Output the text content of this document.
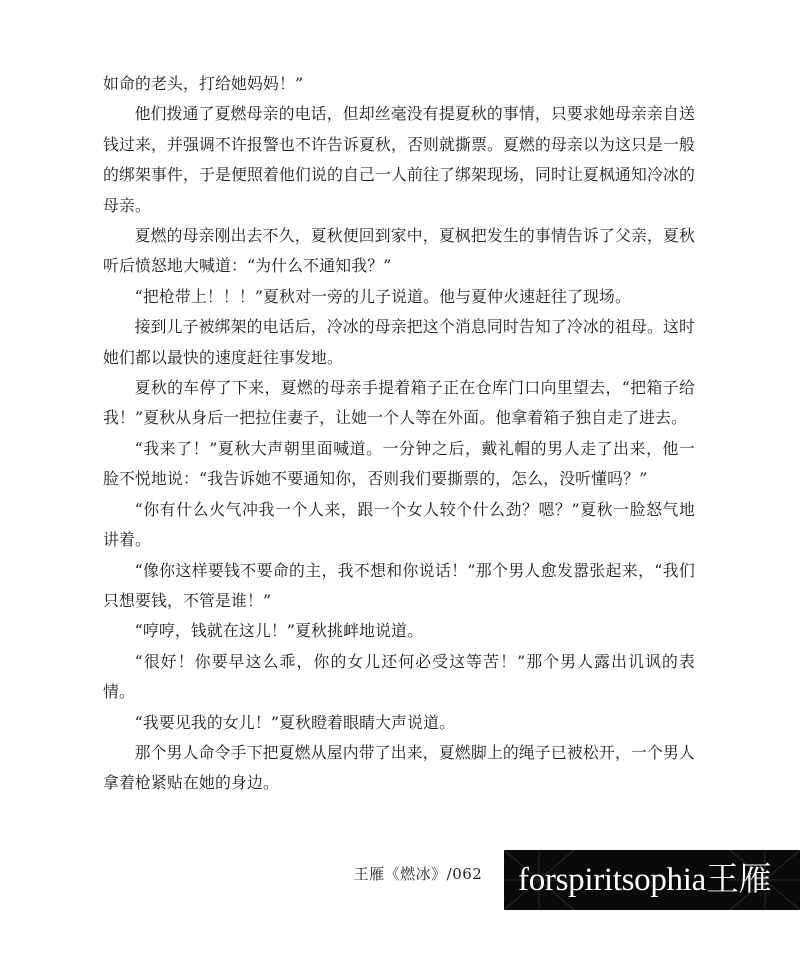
如命的老头，打给她妈妈！”

他们拨通了夏燃母亲的电话，但却丝毫没有提夏秋的事情，只要求她母亲亲自送钱过来，并强调不许报警也不许告诉夏秋，否则就撕票。夏燃的母亲以为这只是一般的绑架事件，于是便照着他们说的自己一人前往了绑架现场，同时让夏枫通知冷冰的母亲。

夏燃的母亲刚出去不久，夏秋便回到家中，夏枫把发生的事情告诉了父亲，夏秋听后愤怒地大喊道：“为什么不通知我？”

“把枪带上！！！”夏秋对一旁的儿子说道。他与夏仲火速赶往了现场。

接到儿子被绑架的电话后，冷冰的母亲把这个消息同时告知了冷冰的祖母。这时她们都以最快的速度赶往事发地。

夏秋的车停了下来，夏燃的母亲手提着箱子正在仓库门口向里望去，“把箱子给我！”夏秋从身后一把拉住妻子，让她一个人等在外面。他拿着箱子独自走了进去。

“我来了！”夏秋大声朝里面喊道。一分钟之后，戴礼帽的男人走了出来，他一脸不悦地说：“我告诉她不要通知你，否则我们要撕票的，怎么，没听懂吗？”

“你有什么火气冲我一个人来，跟一个女人较个什么劲？嗯？”夏秋一脸怒气地讲着。

“像你这样要钱不要命的主，我不想和你说话！”那个男人愈发嚣张起来，“我们只想要钱，不管是谁！”

“哼哼，钱就在这儿！”夏秋挑衅地说道。

“很好！你要早这么乖，你的女儿还何必受这等苦！”那个男人露出讥讽的表情。

“我要见我的女儿！”夏秋瞪着眼睛大声说道。

那个男人命令手下把夏燃从屋内带了出来，夏燃脚上的绳子已被松开，一个男人拿着枪紧贴在她的身边。

王雁《燃冰》/062	forspiritsophia王雁
